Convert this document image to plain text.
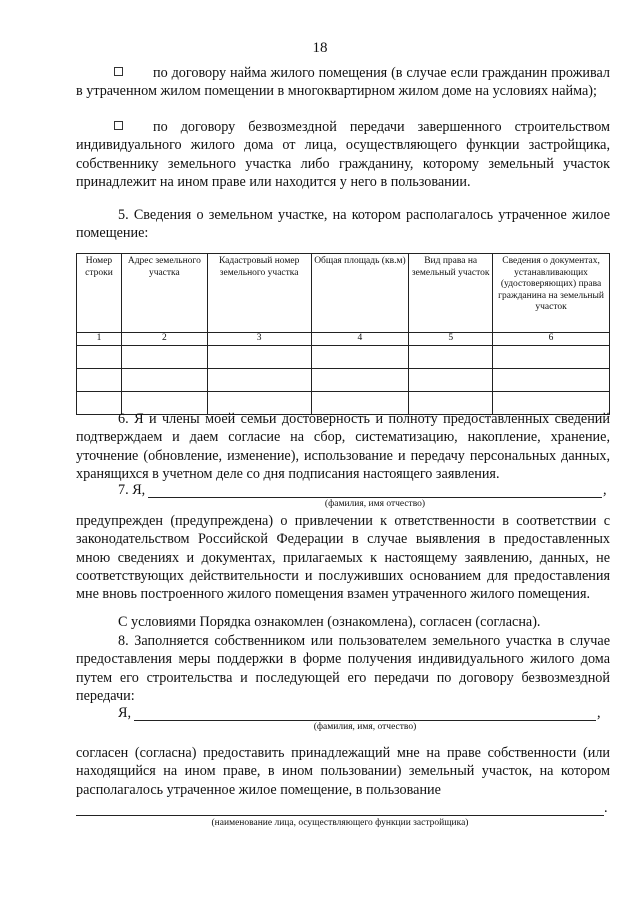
18

по договору найма жилого помещения (в случае если гражданин проживал в утраченном жилом помещении в многоквартирном жилом доме на условиях найма);

по договору безвозмездной передачи завершенного строительством индивидуального жилого дома от лица, осуществляющего функции застройщика, собственнику земельного участка либо гражданину, которому земельный участок принадлежит на ином праве или находится у него в пользовании.

5. Сведения о земельном участке, на котором располагалось утраченное жилое помещение:

Номер строки	Адрес земельного участка	Кадастровый номер земельного участка	Общая площадь (кв.м)	Вид права на земельный участок	Сведения о документах, устанавливающих (удостоверяющих) права гражданина на земельный участок
1	2	3	4	5	6

6. Я и члены моей семьи достоверность и полноту предоставленных сведений подтверждаем и даем согласие на сбор, систематизацию, накопление, хранение, уточнение (обновление, изменение), использование и передачу персональных данных, хранящихся в учетном деле со дня подписания настоящего заявления.

7. Я,	,
(фамилия, имя отчество)

предупрежден (предупреждена) о привлечении к ответственности в соответствии с законодательством Российской Федерации в случае выявления в предоставленных мною сведениях и документах, прилагаемых к настоящему заявлению, данных, не соответствующих действительности и послуживших основанием для предоставления мне вновь построенного жилого помещения взамен утраченного жилого помещения.

С условиями Порядка ознакомлен (ознакомлена), согласен (согласна).

8. Заполняется собственником или пользователем земельного участка в случае предоставления меры поддержки в форме получения индивидуального жилого дома путем его строительства и последующей его передачи по договору безвозмездной передачи:

Я,	,
(фамилия, имя, отчество)

согласен (согласна) предоставить принадлежащий мне на праве собственности (или находящийся на ином праве, в ином пользовании) земельный участок, на котором располагалось утраченное жилое помещение, в пользование

.
(наименование лица, осуществляющего функции застройщика)
